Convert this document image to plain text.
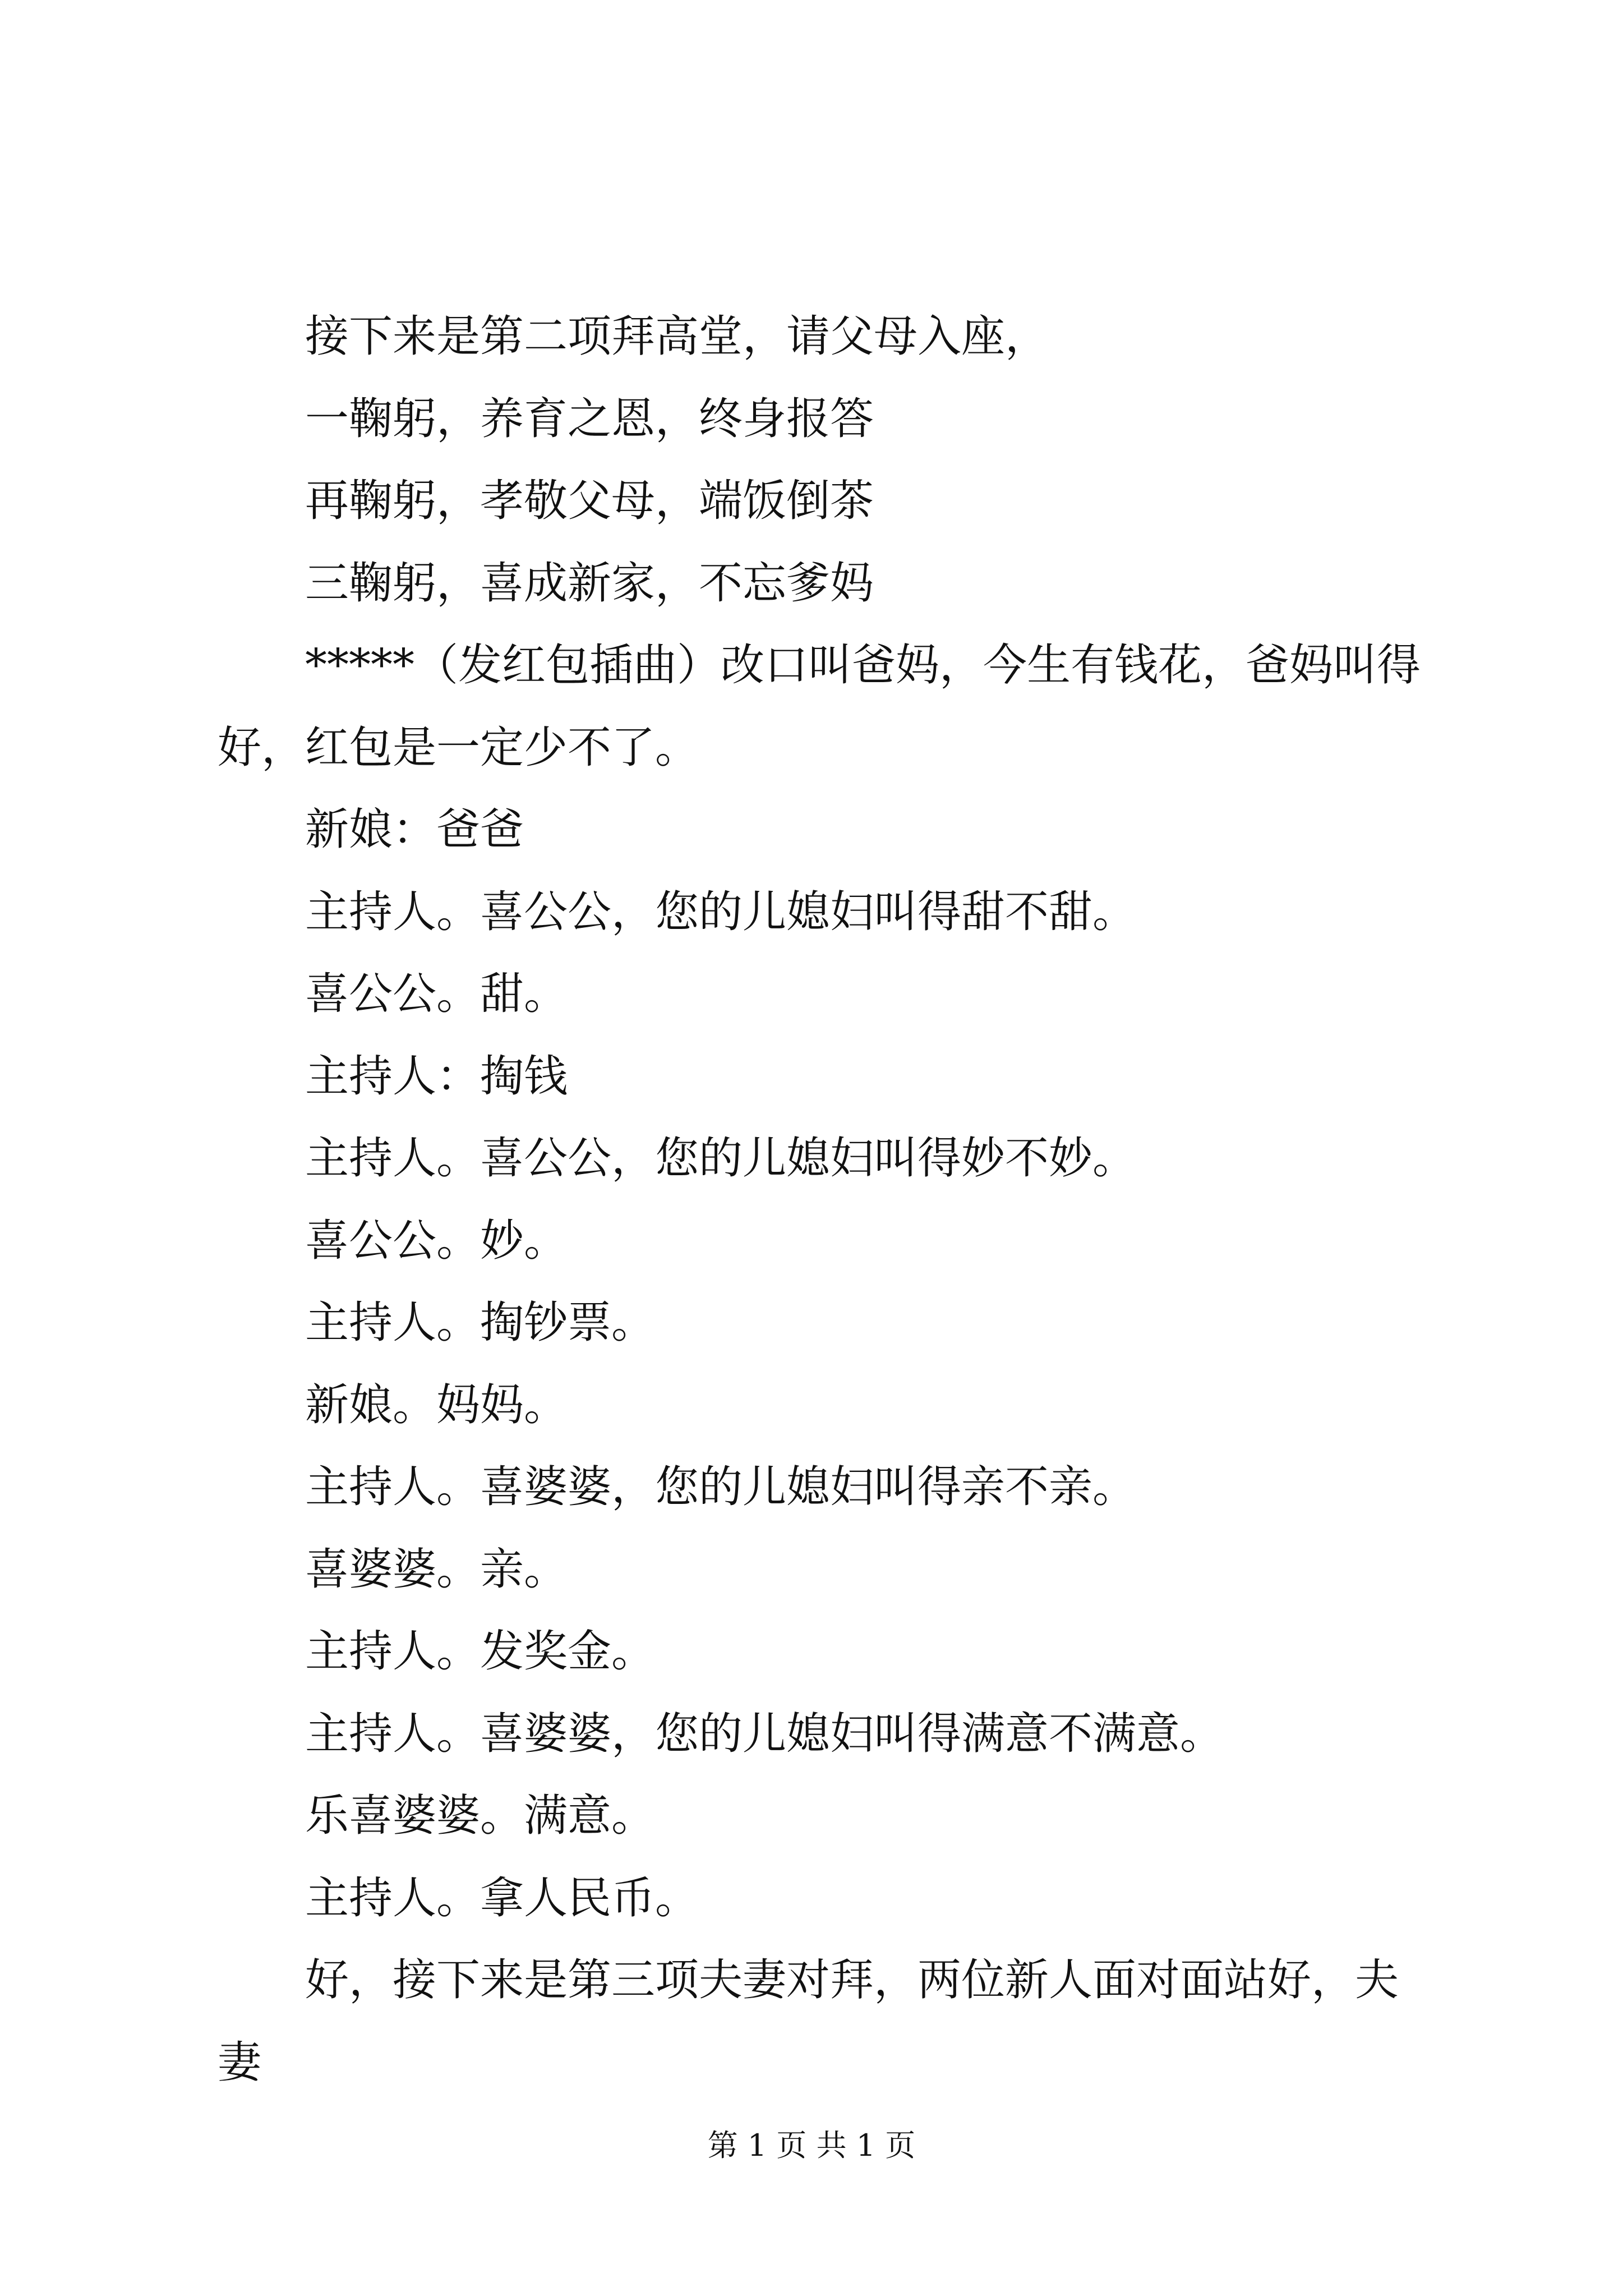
接下来是第二项拜高堂，请父母入座，

一鞠躬，养育之恩，终身报答

再鞠躬，孝敬父母，端饭倒茶

三鞠躬，喜成新家，不忘爹妈

*****（发红包插曲）改口叫爸妈，今生有钱花，爸妈叫得好，红包是一定少不了。

新娘：爸爸

主持人。喜公公，您的儿媳妇叫得甜不甜。

喜公公。甜。

主持人：掏钱

主持人。喜公公，您的儿媳妇叫得妙不妙。

喜公公。妙。

主持人。掏钞票。

新娘。妈妈。

主持人。喜婆婆，您的儿媳妇叫得亲不亲。

喜婆婆。亲。

主持人。发奖金。

主持人。喜婆婆，您的儿媳妇叫得满意不满意。

乐喜婆婆。满意。

主持人。拿人民币。

好，接下来是第三项夫妻对拜，两位新人面对面站好，夫妻

第 1 页 共 1 页
